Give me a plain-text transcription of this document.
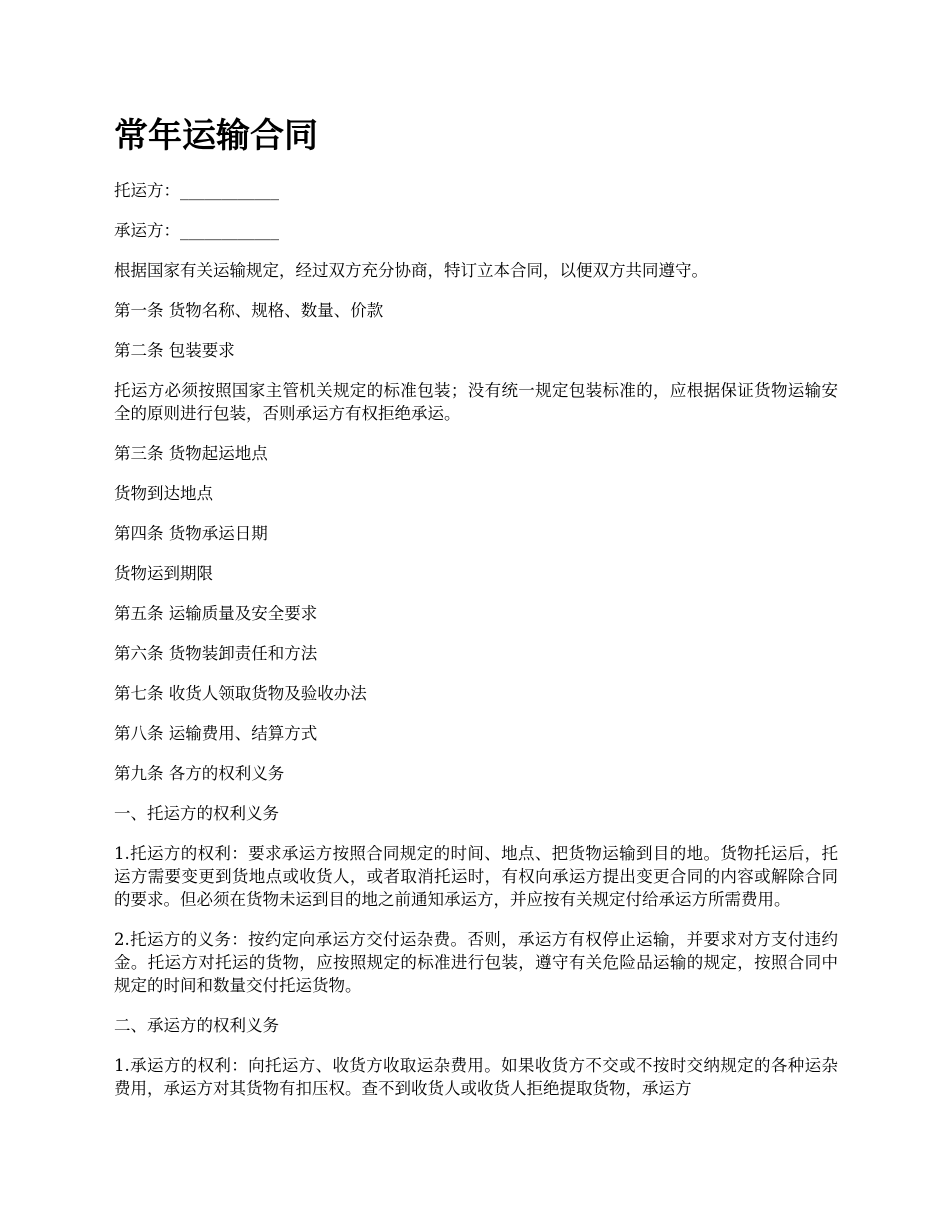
常年运输合同

托运方：____________

承运方：____________

根据国家有关运输规定，经过双方充分协商，特订立本合同，以便双方共同遵守。

第一条 货物名称、规格、数量、价款

第二条 包装要求

托运方必须按照国家主管机关规定的标准包装；没有统一规定包装标准的，应根据保证货物运输安全的原则进行包装，否则承运方有权拒绝承运。

第三条 货物起运地点

货物到达地点

第四条 货物承运日期

货物运到期限

第五条 运输质量及安全要求

第六条 货物装卸责任和方法

第七条 收货人领取货物及验收办法

第八条 运输费用、结算方式

第九条 各方的权利义务

一、托运方的权利义务

1.托运方的权利：要求承运方按照合同规定的时间、地点、把货物运输到目的地。货物托运后，托运方需要变更到货地点或收货人，或者取消托运时，有权向承运方提出变更合同的内容或解除合同的要求。但必须在货物未运到目的地之前通知承运方，并应按有关规定付给承运方所需费用。

2.托运方的义务：按约定向承运方交付运杂费。否则，承运方有权停止运输，并要求对方支付违约金。托运方对托运的货物，应按照规定的标准进行包装，遵守有关危险品运输的规定，按照合同中规定的时间和数量交付托运货物。

二、承运方的权利义务

1.承运方的权利：向托运方、收货方收取运杂费用。如果收货方不交或不按时交纳规定的各种运杂费用，承运方对其货物有扣压权。查不到收货人或收货人拒绝提取货物，承运方
